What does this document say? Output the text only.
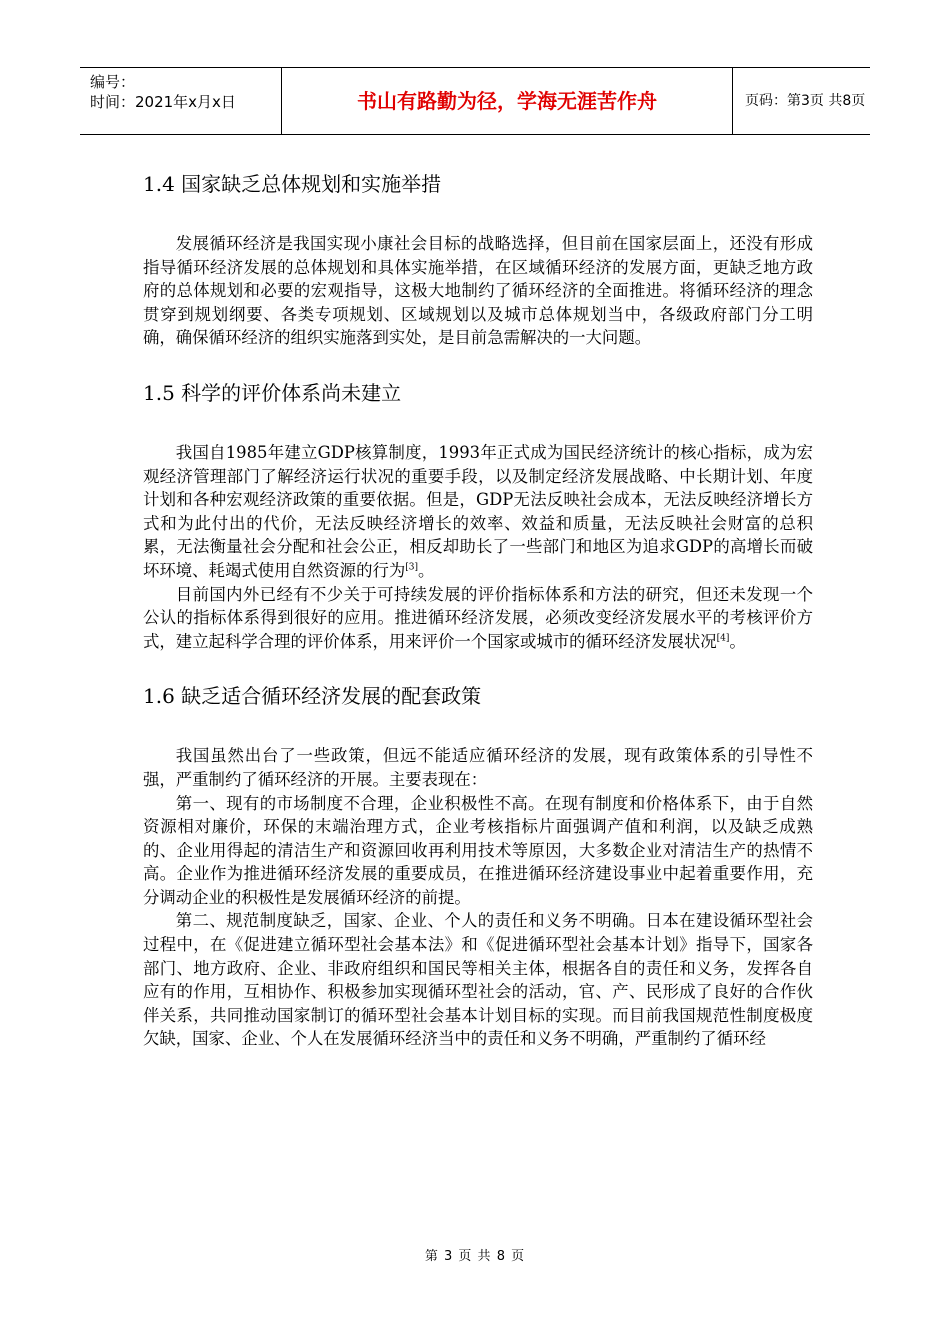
编号：
时间：2021年x月x日	书山有路勤为径，学海无涯苦作舟	页码：第3页 共8页
1.4 国家缺乏总体规划和实施举措

发展循环经济是我国实现小康社会目标的战略选择，但目前在国家层面上，还没有形成指导循环经济发展的总体规划和具体实施举措，在区域循环经济的发展方面，更缺乏地方政府的总体规划和必要的宏观指导，这极大地制约了循环经济的全面推进。将循环经济的理念贯穿到规划纲要、各类专项规划、区域规划以及城市总体规划当中，各级政府部门分工明确，确保循环经济的组织实施落到实处，是目前急需解决的一大问题。

1.5 科学的评价体系尚未建立

我国自1985年建立GDP核算制度，1993年正式成为国民经济统计的核心指标，成为宏观经济管理部门了解经济运行状况的重要手段，以及制定经济发展战略、中长期计划、年度计划和各种宏观经济政策的重要依据。但是，GDP无法反映社会成本，无法反映经济增长方式和为此付出的代价，无法反映经济增长的效率、效益和质量，无法反映社会财富的总积累，无法衡量社会分配和社会公正，相反却助长了一些部门和地区为追求GDP的高增长而破坏环境、耗竭式使用自然资源的行为[3]。

目前国内外已经有不少关于可持续发展的评价指标体系和方法的研究，但还未发现一个公认的指标体系得到很好的应用。推进循环经济发展，必须改变经济发展水平的考核评价方式，建立起科学合理的评价体系，用来评价一个国家或城市的循环经济发展状况[4]。

1.6 缺乏适合循环经济发展的配套政策

我国虽然出台了一些政策，但远不能适应循环经济的发展，现有政策体系的引导性不强，严重制约了循环经济的开展。主要表现在：

第一、现有的市场制度不合理，企业积极性不高。在现有制度和价格体系下，由于自然资源相对廉价，环保的末端治理方式，企业考核指标片面强调产值和利润，以及缺乏成熟的、企业用得起的清洁生产和资源回收再利用技术等原因，大多数企业对清洁生产的热情不高。企业作为推进循环经济发展的重要成员，在推进循环经济建设事业中起着重要作用，充分调动企业的积极性是发展循环经济的前提。

第二、规范制度缺乏，国家、企业、个人的责任和义务不明确。日本在建设循环型社会过程中，在《促进建立循环型社会基本法》和《促进循环型社会基本计划》指导下，国家各部门、地方政府、企业、非政府组织和国民等相关主体，根据各自的责任和义务，发挥各自应有的作用，互相协作、积极参加实现循环型社会的活动，官、产、民形成了良好的合作伙伴关系，共同推动国家制订的循环型社会基本计划目标的实现。而目前我国规范性制度极度欠缺，国家、企业、个人在发展循环经济当中的责任和义务不明确，严重制约了循环经

第 3 页 共 8 页
